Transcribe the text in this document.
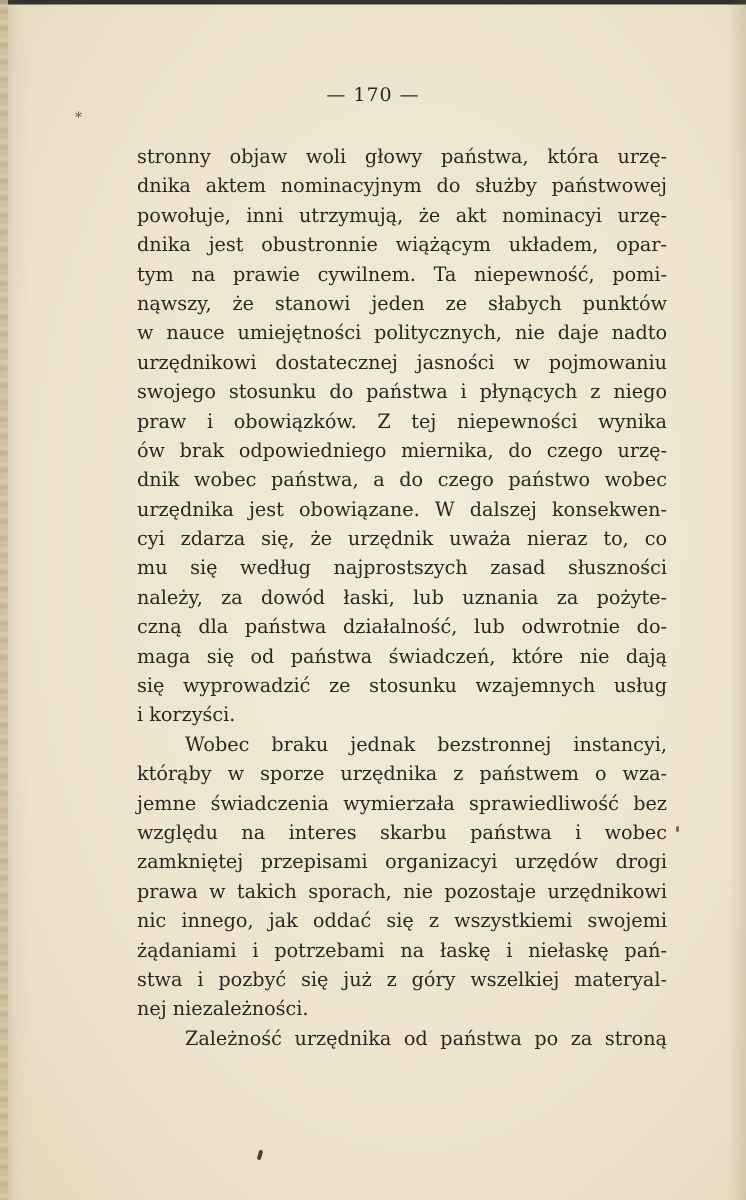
— 170 —
*
stronny objaw woli głowy państwa, która urzę-
dnika aktem nominacyjnym do służby państwowej
powołuje, inni utrzymują, że akt nominacyi urzę-
dnika jest obustronnie wiążącym układem, opar-
tym na prawie cywilnem. Ta niepewność, pomi-
nąwszy, że stanowi jeden ze słabych punktów
w nauce umiejętności politycznych, nie daje nadto
urzędnikowi dostatecznej jasności w pojmowaniu
swojego stosunku do państwa i płynących z niego
praw i obowiązków. Z tej niepewności wynika
ów brak odpowiedniego miernika, do czego urzę-
dnik wobec państwa, a do czego państwo wobec
urzędnika jest obowiązane. W dalszej konsekwen-
cyi zdarza się, że urzędnik uważa nieraz to, co
mu się według najprostszych zasad słuszności
należy, za dowód łaski, lub uznania za pożyte-
czną dla państwa działalność, lub odwrotnie do-
maga się od państwa świadczeń, które nie dają
się wyprowadzić ze stosunku wzajemnych usług
i korzyści.
Wobec braku jednak bezstronnej instancyi,
którąby w sporze urzędnika z państwem o wza-
jemne świadczenia wymierzała sprawiedliwość bez
względu na interes skarbu państwa i wobec
zamkniętej przepisami organizacyi urzędów drogi
prawa w takich sporach, nie pozostaje urzędnikowi
nic innego, jak oddać się z wszystkiemi swojemi
żądaniami i potrzebami na łaskę i niełaskę pań-
stwa i pozbyć się już z góry wszelkiej materyal-
nej niezależności.
Zależność urzędnika od państwa po za stroną
